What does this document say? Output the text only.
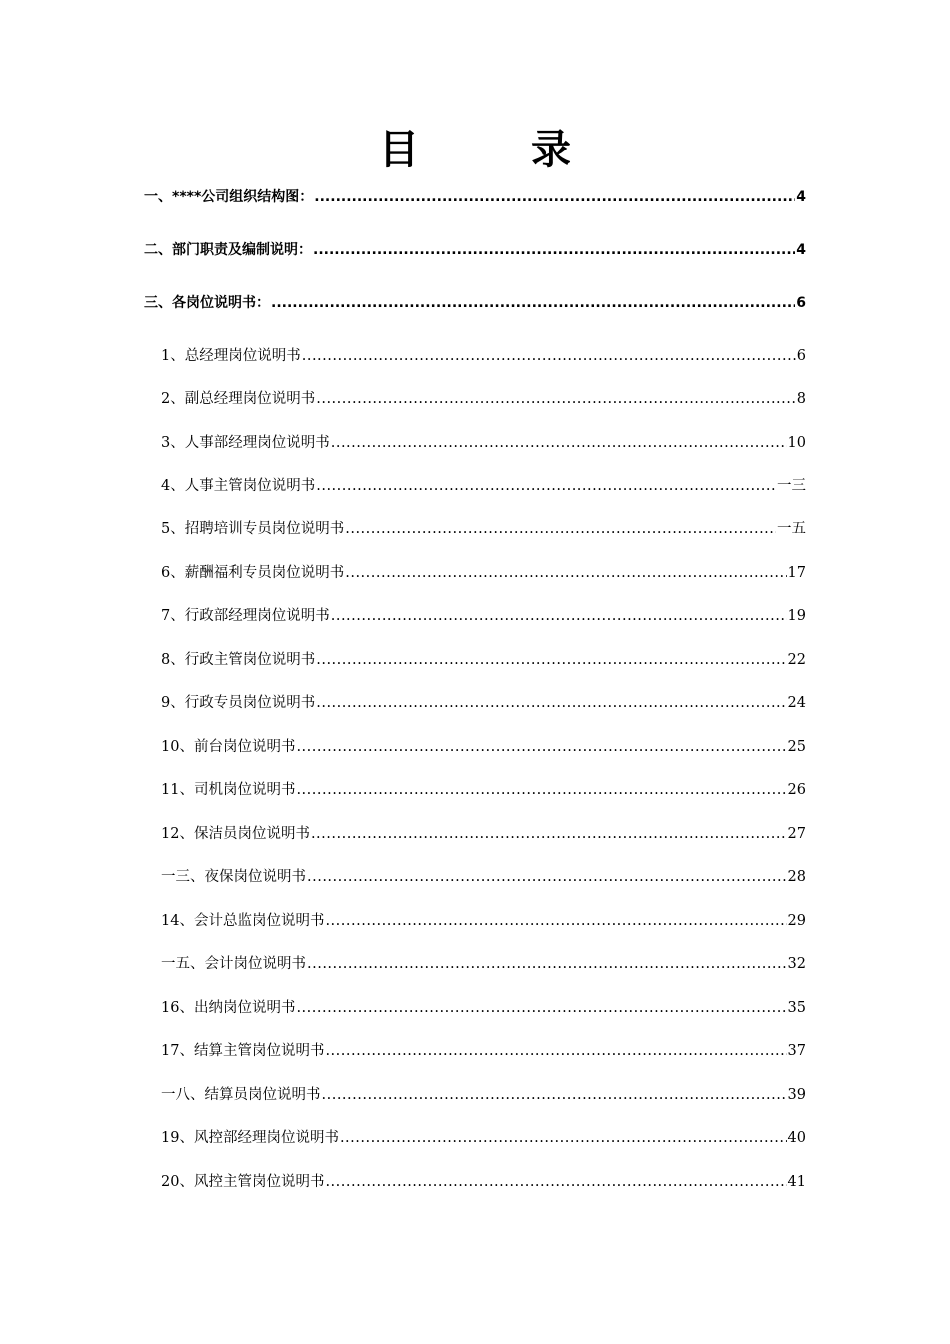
目　录
一、****公司组织结构图： .....	4
二、部门职责及编制说明： .....	4
三、各岗位说明书： .....	6
1、总经理岗位说明书 .....	6
2、副总经理岗位说明书 .....	8
3、人事部经理岗位说明书 .....	10
4、人事主管岗位说明书 .....	一三
5、招聘培训专员岗位说明书 .....	一五
6、薪酬福利专员岗位说明书 .....	17
7、行政部经理岗位说明书 .....	19
8、行政主管岗位说明书 .....	22
9、行政专员岗位说明书 .....	24
10、前台岗位说明书 .....	25
11、司机岗位说明书 .....	26
12、保洁员岗位说明书 .....	27
一三、夜保岗位说明书 .....	28
14、会计总监岗位说明书 .....	29
一五、会计岗位说明书 .....	32
16、出纳岗位说明书 .....	35
17、结算主管岗位说明书 .....	37
一八、结算员岗位说明书 .....	39
19、风控部经理岗位说明书 .....	40
20、风控主管岗位说明书 .....	41
